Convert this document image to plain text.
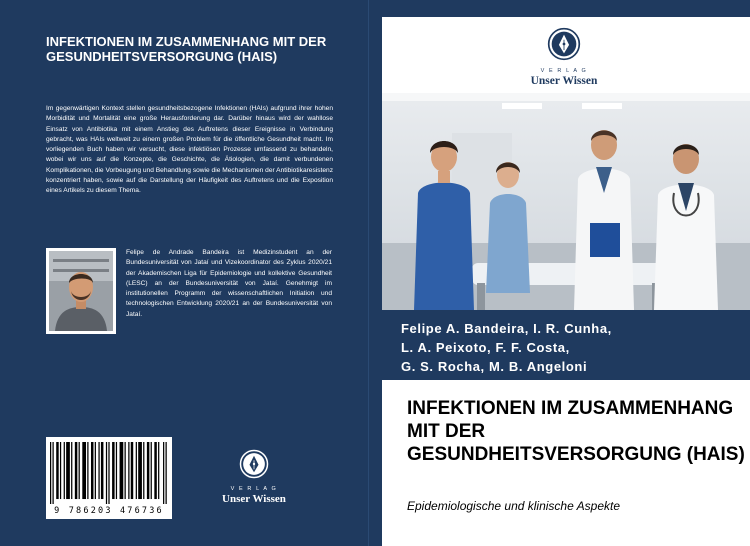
INFEKTIONEN IM ZUSAMMENHANG MIT DER GESUNDHEITSVERSORGUNG (HAIS)

Im gegenwärtigen Kontext stellen gesundheitsbezogene Infektionen (HAIs) aufgrund ihrer hohen Morbidität und Mortalität eine große Herausforderung dar. Darüber hinaus wird der wahllose Einsatz von Antibiotika mit einem Anstieg des Auftretens dieser Ereignisse in Verbindung gebracht, was HAIs weltweit zu einem großen Problem für die öffentliche Gesundheit macht. Im vorliegenden Buch haben wir versucht, diese infektiösen Prozesse umfassend zu behandeln, wobei wir uns auf die Konzepte, die Geschichte, die Ätiologien, die damit verbundenen Komplikationen, die Vorbeugung und Behandlung sowie die Mechanismen der Antibiotikaresistenz konzentriert haben, sowie auf die Darstellung der Häufigkeit des Auftretens und die Exposition eines Artikels zu diesem Thema.

Felipe de Andrade Bandeira ist Medizinstudent an der Bundesuniversität von Jataí und Vizekoordinator des Zyklus 2020/21 der Akademischen Liga für Epidemiologie und kollektive Gesundheit (LESC) an der Bundesuniversität von Jataí. Genehmigt im institutionellen Programm der wissenschaftlichen Initiation und technologischen Entwicklung 2020/21 an der Bundesuniversität von Jataí.

9 786203 476736
V E R L A G
Unser Wissen
V E R L A G
Unser Wissen
Felipe A. Bandeira, I. R. Cunha,
L. A. Peixoto, F. F. Costa,
G. S. Rocha, M. B. Angeloni
INFEKTIONEN IM ZUSAMMENHANG MIT DER GESUNDHEITSVERSORGUNG (HAIS)

Epidemiologische und klinische Aspekte
